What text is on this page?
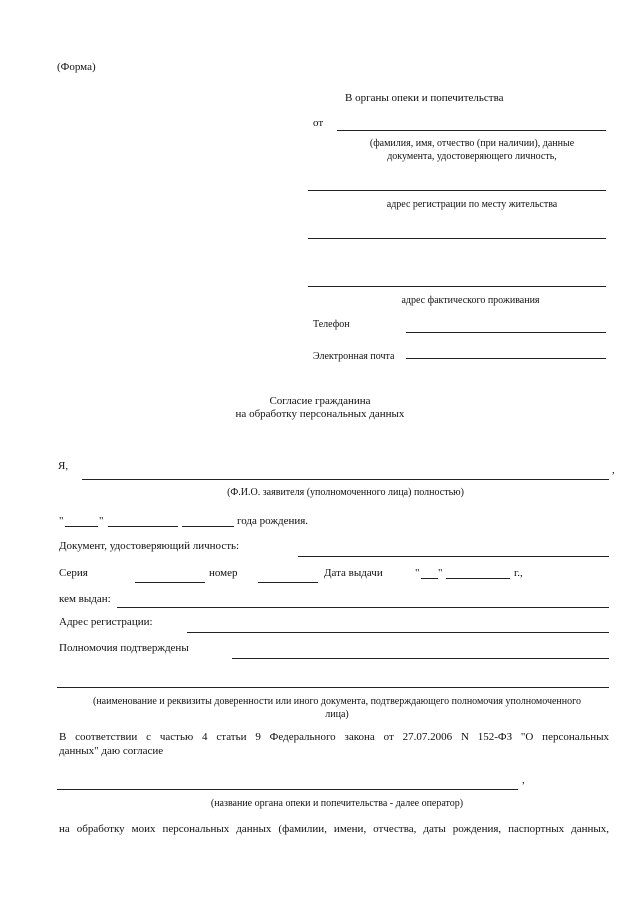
(Форма)
В органы опеки и попечительства
от
(фамилия, имя, отчество (при наличии), данные
документа, удостоверяющего личность,
адрес регистрации по месту жительства
адрес фактического проживания
Телефон
Электронная почта
Согласие гражданина
на обработку персональных данных
Я,	,
(Ф.И.О. заявителя (уполномоченного лица) полностью)
"	"	года рождения.
Документ, удостоверяющий личность:
Серия	номер	Дата выдачи	" "	г.,
кем выдан:
Адрес регистрации:
Полномочия подтверждены
(наименование и реквизиты доверенности или иного документа, подтверждающего полномочия уполномоченного
лица)
В соответствии с частью 4 статьи 9 Федерального закона от 27.07.2006 N 152-ФЗ "О персональных
данных" даю согласие
,
(название органа опеки и попечительства - далее оператор)
на обработку моих персональных данных (фамилии, имени, отчества, даты рождения, паспортных данных,
